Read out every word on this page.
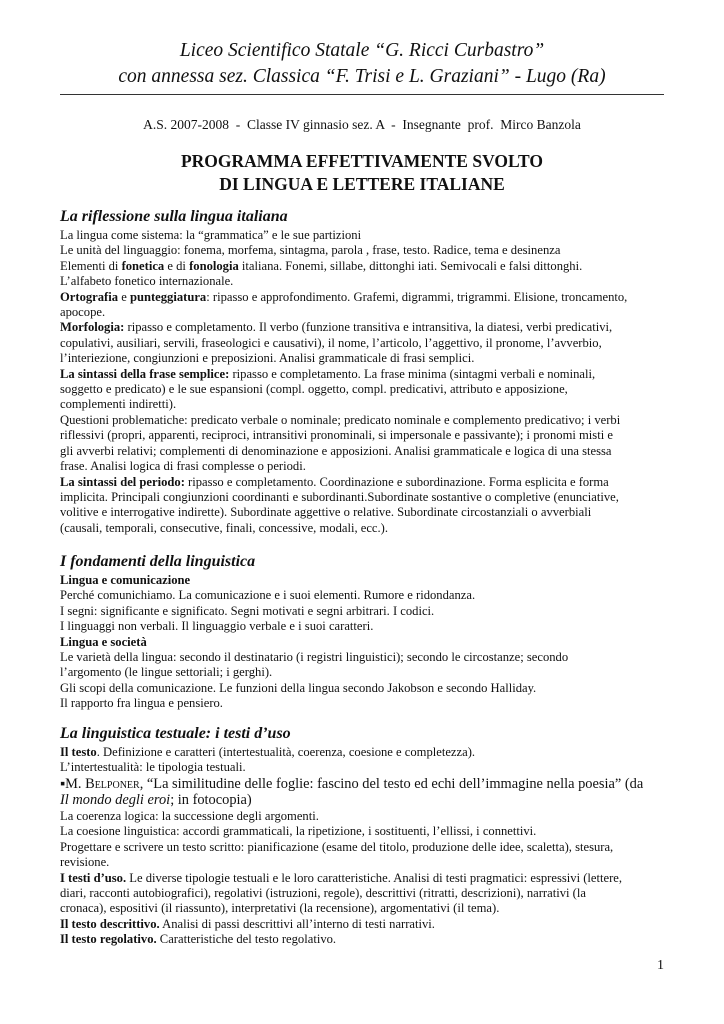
Liceo Scientifico Statale “G. Ricci Curbastro”
con annessa sez. Classica “F. Trisi e L. Graziani” - Lugo (Ra)
A.S. 2007-2008  -  Classe IV ginnasio sez. A  -  Insegnante  prof.  Mirco Banzola
PROGRAMMA EFFETTIVAMENTE SVOLTO
DI LINGUA E LETTERE ITALIANE
La riflessione sulla lingua italiana

La lingua come sistema: la “grammatica” e le sue partizioni

Le unità del linguaggio: fonema, morfema, sintagma, parola , frase, testo. Radice, tema e desinenza

Elementi di fonetica e di fonologia italiana. Fonemi, sillabe, dittonghi iati. Semivocali e falsi dittonghi.

L’alfabeto fonetico internazionale.

Ortografia e punteggiatura: ripasso e approfondimento. Grafemi, digrammi, trigrammi. Elisione, troncamento,

apocope.

Morfologia: ripasso e completamento. Il verbo (funzione transitiva e intransitiva, la diatesi, verbi predicativi,

copulativi, ausiliari, servili, fraseologici e causativi), il nome, l’articolo, l’aggettivo, il pronome, l’avverbio,

l’interiezione, congiunzioni e preposizioni. Analisi grammaticale di frasi semplici.

La sintassi della frase semplice: ripasso e completamento. La frase minima (sintagmi verbali e nominali,

soggetto e predicato) e le sue espansioni (compl. oggetto, compl. predicativi, attributo e apposizione,

complementi indiretti).

Questioni problematiche: predicato verbale o nominale; predicato nominale e complemento predicativo; i verbi

riflessivi (propri, apparenti, reciproci, intransitivi pronominali, si impersonale e passivante); i pronomi misti e

gli avverbi relativi; complementi di denominazione e apposizioni. Analisi grammaticale e logica di una stessa

frase. Analisi logica di frasi complesse o periodi.

La sintassi del periodo: ripasso e completamento. Coordinazione e subordinazione. Forma esplicita e forma

implicita. Principali congiunzioni coordinanti e subordinanti.Subordinate sostantive o completive (enunciative,

volitive e interrogative indirette). Subordinate aggettive o relative. Subordinate circostanziali o avverbiali

(causali, temporali, consecutive, finali, concessive, modali, ecc.).

I fondamenti della linguistica

Lingua e comunicazione

Perché comunichiamo. La comunicazione e i suoi elementi. Rumore e ridondanza.

I segni: significante e significato. Segni motivati e segni arbitrari. I codici.

I linguaggi non verbali. Il linguaggio verbale e i suoi caratteri.

Lingua e società

Le varietà della lingua: secondo il destinatario (i registri linguistici); secondo le circostanze; secondo

l’argomento (le lingue settoriali; i gerghi).

Gli scopi della comunicazione. Le funzioni della lingua secondo Jakobson e secondo Halliday.

Il rapporto fra lingua e pensiero.

La linguistica testuale: i testi d’uso

Il testo. Definizione e caratteri (intertestualità, coerenza, coesione e completezza).

L’intertestualità: le tipologia testuali.

▪M. Belponer, “La similitudine delle foglie: fascino del testo ed echi dell’immagine nella poesia” (da

Il mondo degli eroi; in fotocopia)

La coerenza logica: la successione degli argomenti.

La coesione linguistica: accordi grammaticali, la ripetizione, i sostituenti, l’ellissi, i connettivi.

Progettare e scrivere un testo scritto: pianificazione (esame del titolo, produzione delle idee, scaletta), stesura,

revisione.

I testi d’uso. Le diverse tipologie testuali e le loro caratteristiche. Analisi di testi pragmatici: espressivi (lettere,

diari, racconti autobiografici), regolativi (istruzioni, regole), descrittivi (ritratti, descrizioni), narrativi (la

cronaca), espositivi (il riassunto), interpretativi (la recensione), argomentativi (il tema).

Il testo descrittivo. Analisi di passi descrittivi all’interno di testi narrativi.

Il testo regolativo. Caratteristiche del testo regolativo.

1
